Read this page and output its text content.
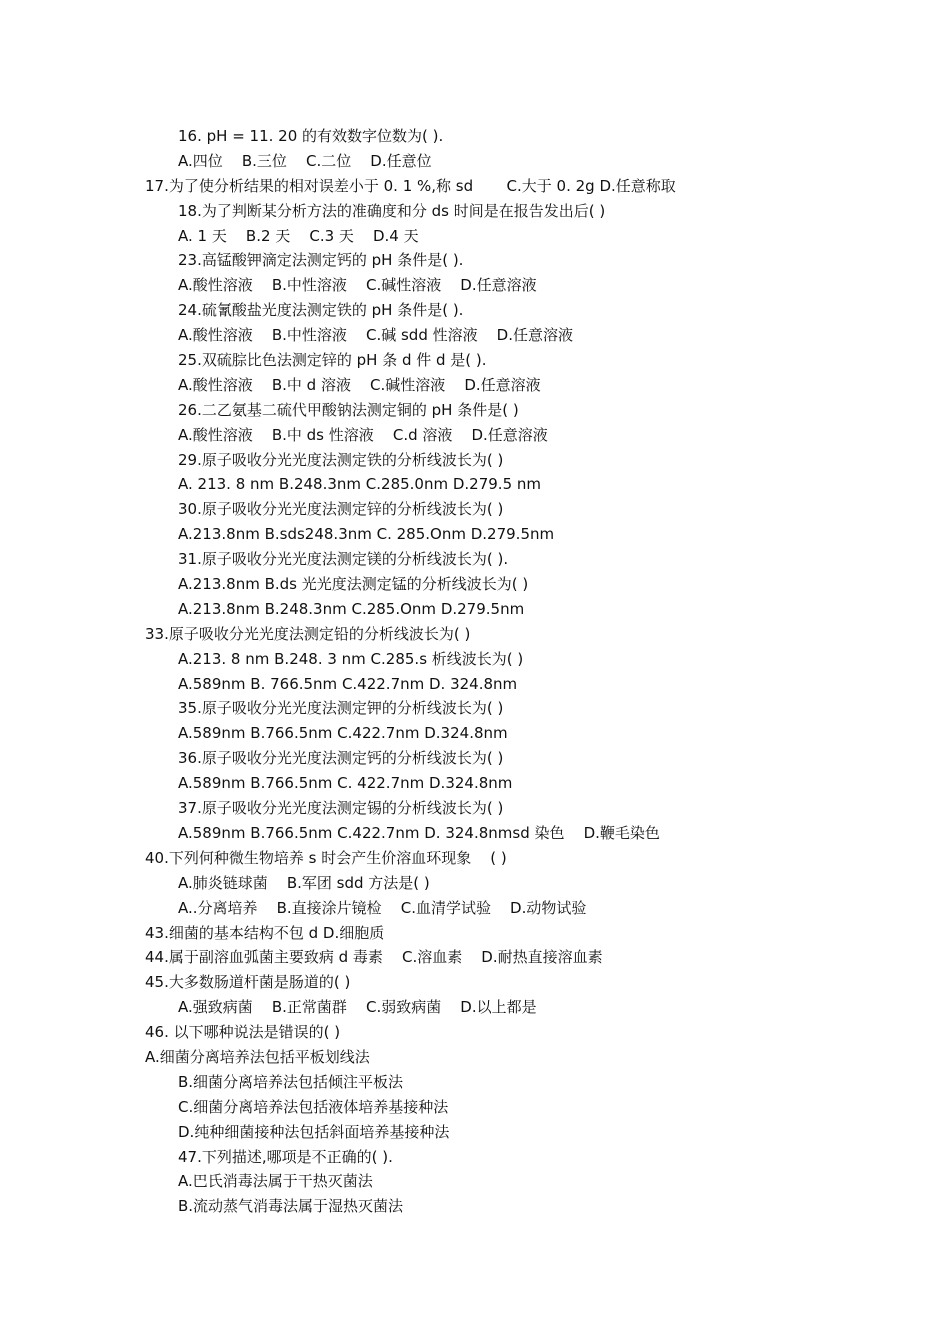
16. pH = 11. 20 的有效数字位数为( ).
A.四位    B.三位    C.二位    D.任意位
17.为了使分析结果的相对误差小于 0. 1 %,称 sd       C.大于 0. 2g D.任意称取
18.为了判断某分析方法的准确度和分 ds 时间是在报告发出后( )
A. 1 天    B.2 天    C.3 天    D.4 天
23.高锰酸钾滴定法测定钙的 pH 条件是( ).
A.酸性溶液    B.中性溶液    C.碱性溶液    D.任意溶液
24.硫氰酸盐光度法测定铁的 pH 条件是( ).
A.酸性溶液    B.中性溶液    C.碱 sdd 性溶液    D.任意溶液
25.双硫腙比色法测定锌的 pH 条 d 件 d 是( ).
A.酸性溶液    B.中 d 溶液    C.碱性溶液    D.任意溶液
26.二乙氨基二硫代甲酸钠法测定铜的 pH 条件是( )
A.酸性溶液    B.中 ds 性溶液    C.d 溶液    D.任意溶液
29.原子吸收分光光度法测定铁的分析线波长为( )
A. 213. 8 nm B.248.3nm C.285.0nm D.279.5 nm
30.原子吸收分光光度法测定锌的分析线波长为( )
A.213.8nm B.sds248.3nm C. 285.Onm D.279.5nm
31.原子吸收分光光度法测定镁的分析线波长为( ).
A.213.8nm B.ds 光光度法测定锰的分析线波长为( )
A.213.8nm B.248.3nm C.285.Onm D.279.5nm
33.原子吸收分光光度法测定铅的分析线波长为( )
A.213. 8 nm B.248. 3 nm C.285.s 析线波长为( )
A.589nm B. 766.5nm C.422.7nm D. 324.8nm
35.原子吸收分光光度法测定钾的分析线波长为( )
A.589nm B.766.5nm C.422.7nm D.324.8nm
36.原子吸收分光光度法测定钙的分析线波长为( )
A.589nm B.766.5nm C. 422.7nm D.324.8nm
37.原子吸收分光光度法测定锡的分析线波长为( )
A.589nm B.766.5nm C.422.7nm D. 324.8nmsd 染色    D.鞭毛染色
40.下列何种微生物培养 s 时会产生价溶血环现象    ( )
A.肺炎链球菌    B.军团 sdd 方法是( )
A..分离培养    B.直接涂片镜检    C.血清学试验    D.动物试验
43.细菌的基本结构不包 d D.细胞质
44.属于副溶血弧菌主要致病 d 毒素    C.溶血素    D.耐热直接溶血素
45.大多数肠道杆菌是肠道的( )
A.强致病菌    B.正常菌群    C.弱致病菌    D.以上都是
46. 以下哪种说法是错误的( )
A.细菌分离培养法包括平板划线法
B.细菌分离培养法包括倾注平板法
C.细菌分离培养法包括液体培养基接种法
D.纯种细菌接种法包括斜面培养基接种法
47.下列描述,哪项是不正确的( ).
A.巴氏消毒法属于干热灭菌法
B.流动蒸气消毒法属于湿热灭菌法
